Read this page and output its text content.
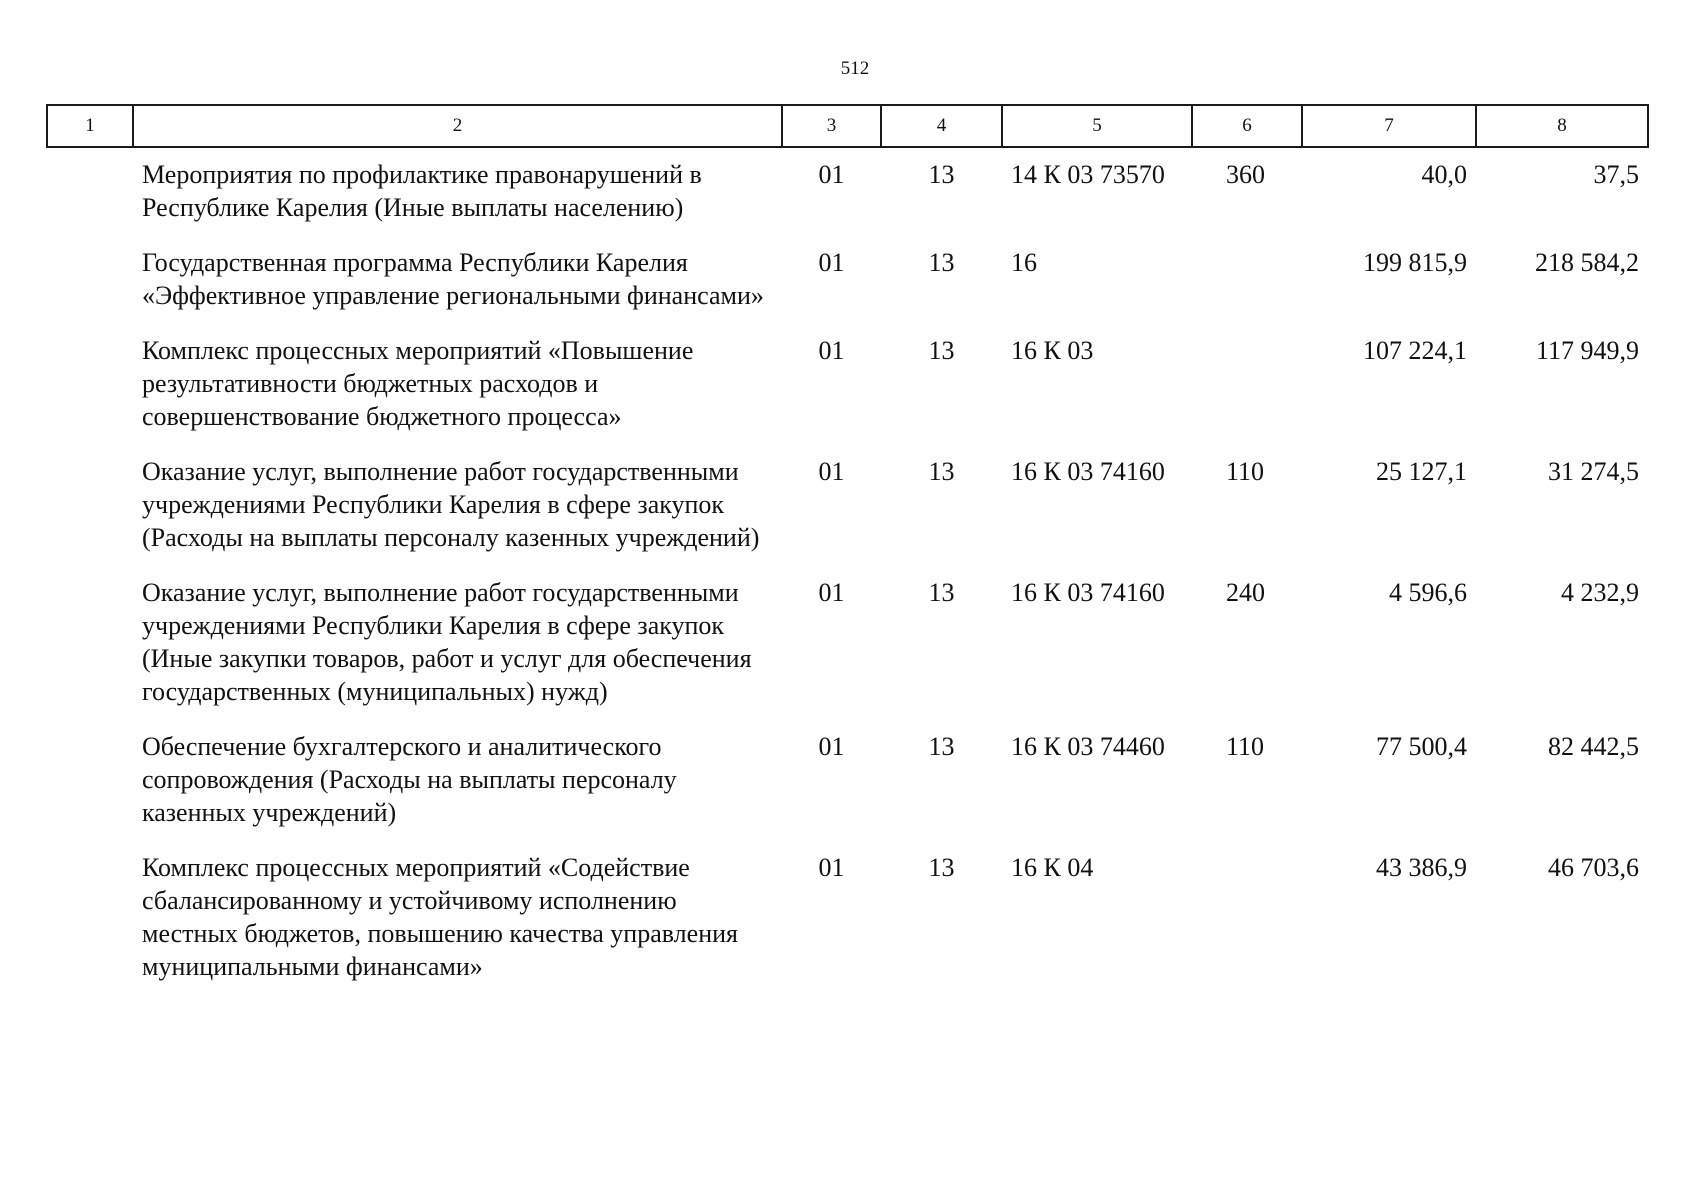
512
1	2	3	4	5	6	7	8
	Мероприятия по профилактике правонарушений в Республике Карелия (Иные выплаты населению)	01	13	14 К 03 73570	360	40,0	37,5
	Государственная программа Республики Карелия «Эффективное управление региональными финансами»	01	13	16		199 815,9	218 584,2
	Комплекс процессных мероприятий «Повышение результативности бюджетных расходов и совершенствование бюджетного процесса»	01	13	16 К 03		107 224,1	117 949,9
	Оказание услуг, выполнение работ государственными учреждениями Республики Карелия в сфере закупок (Расходы на выплаты персоналу казенных учреждений)	01	13	16 К 03 74160	110	25 127,1	31 274,5
	Оказание услуг, выполнение работ государственными учреждениями Республики Карелия в сфере закупок (Иные закупки товаров, работ и услуг для обеспечения государственных (муниципальных) нужд)	01	13	16 К 03 74160	240	4 596,6	4 232,9
	Обеспечение бухгалтерского и аналитического сопровождения (Расходы на выплаты персоналу казенных учреждений)	01	13	16 К 03 74460	110	77 500,4	82 442,5
	Комплекс процессных мероприятий «Содействие сбалансированному и устойчивому исполнению местных бюджетов, повышению качества управления муниципальными финансами»	01	13	16 К 04		43 386,9	46 703,6
